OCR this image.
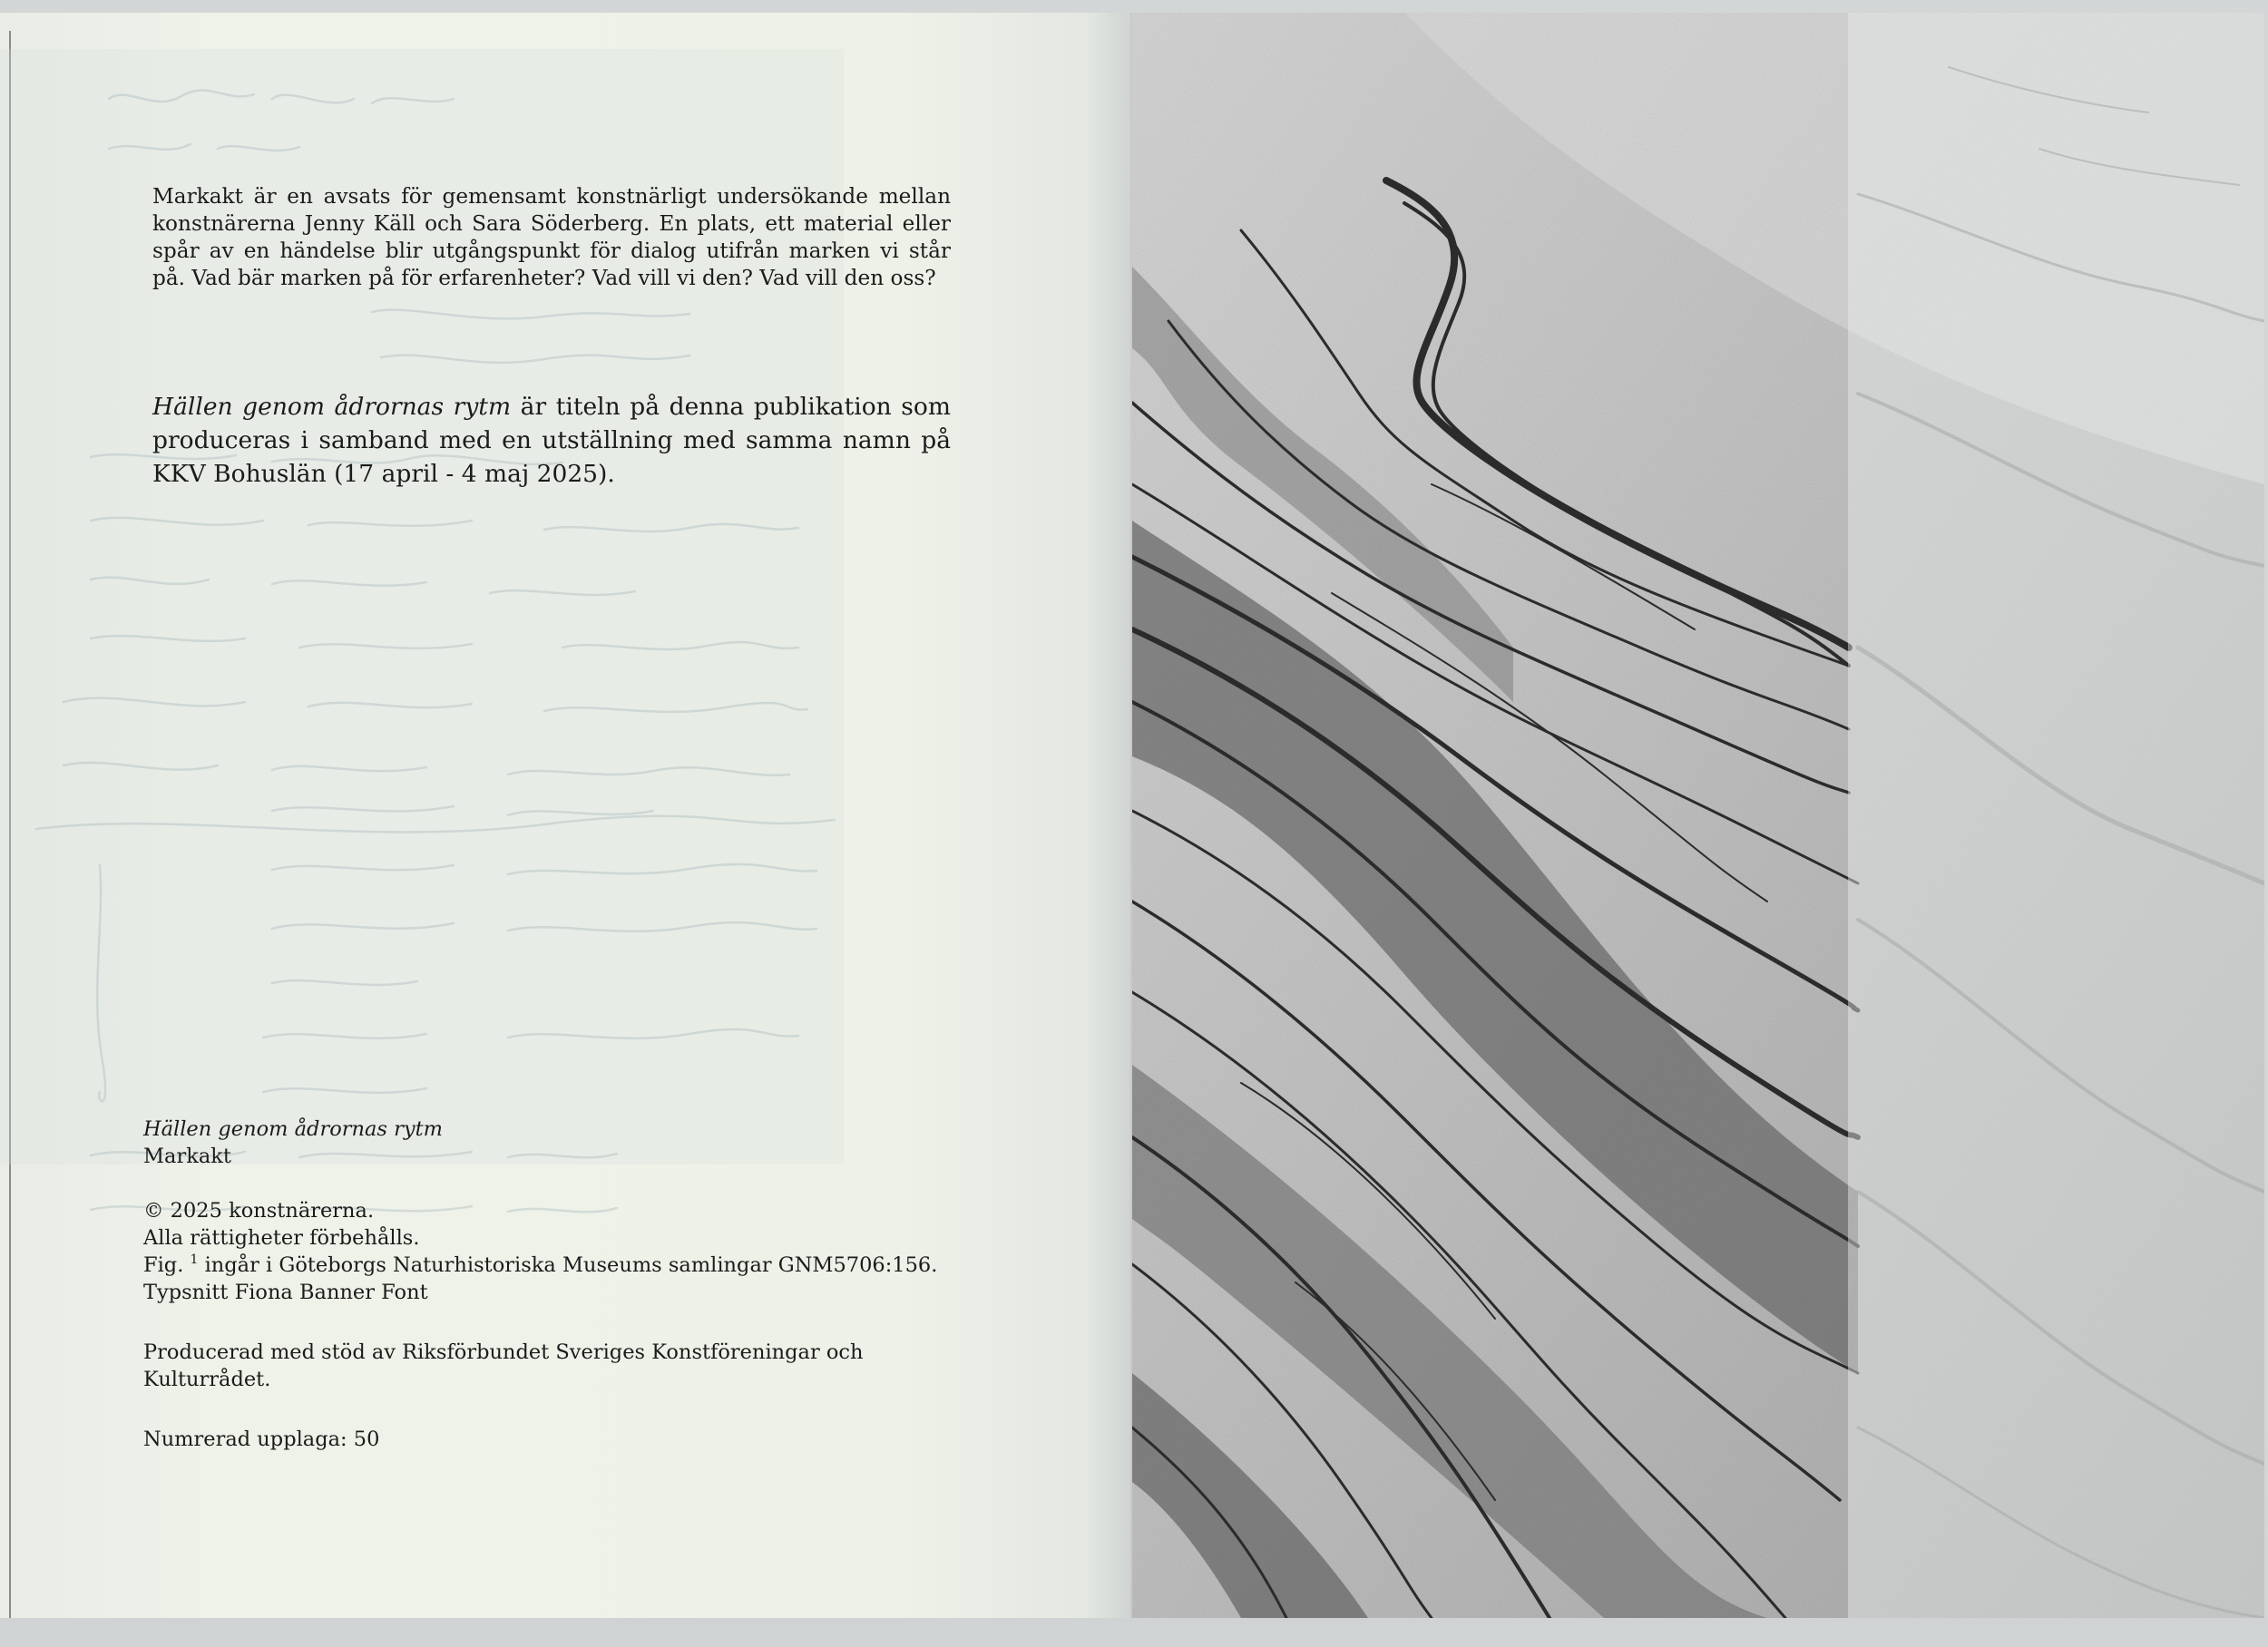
Markakt är en avsats för gemensamt konstnärligt undersökande mellan konstnärerna Jenny Käll och Sara Söderberg. En plats, ett material eller spår av en händelse blir utgångspunkt för dialog utifrån marken vi står på. Vad bär marken på för erfarenheter? Vad vill vi den? Vad vill den oss?
Hällen genom ådrornas rytm är titeln på denna publikation som produceras i samband med en utställning med samma namn på KKV Bohuslän (17 april - 4 maj 2025).

Hällen genom ådrornas rytm

Markakt

© 2025 konstnärerna.

Alla rättigheter förbehålls.

Fig. $^1$ ingår i Göteborgs Naturhistoriska Museums samlingar GNM5706:156.

Typsnitt Fiona Banner Font

Producerad med stöd av Riksförbundet Sveriges Konstföreningar och Kulturrådet.

Numrerad upplaga: 50
